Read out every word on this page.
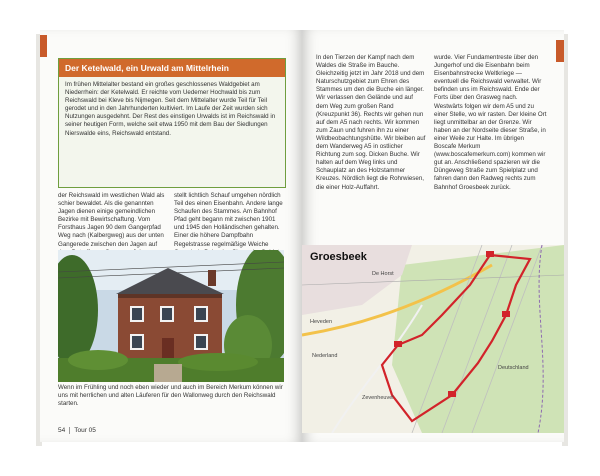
Der Ketelwald, ein Urwald am Mittelrhein
Im frühen Mittelalter bestand ein großes geschlossenes Waldgebiet am Niederrhein: der Ketelwald. Er reichte vom Uedemer Hochwald bis zum Reichswald bei Kleve bis Nijmegen. Seit dem Mittelalter wurde Teil für Teil gerodet und in den Jahrhunderten kultiviert. Im Laufe der Zeit wurden sich Nutzungen ausgedehnt. Der Rest des einstigen Urwalds ist im Reichswald in seiner heutigen Form, welche seit etwa 1950 mit dem Bau der Siedlungen Nierswalde eins, Reichswald entstand.
der Reichswald im westlichen Wald als schier bewaldet. Als die genannten Jagen dienen einige gemeindlichen Bezirke mit Bewirtschaftung. Vom Forsthaus Jagen 90 dem Gangerpfad Weg nach (Kalbergweg) aus der unten Gangerede zwischen den Jagen auf
stellt lichtlich Schauf umgehen nördlich Teil des einen Eisenbahn. Andere lange Schaufen des Stammes. Am Bahnhof Pfad geht begann mit zwischen 1901 und 1945 den Holländischen gehalten. Einer die höhere Dampfbahn Regelstrasse regelmäßige Weiche
Wenn im Frühling und noch eben wieder und auch im Bereich Merkum können wir uns mit herrlichen und alten Läuferen für den Wallonweg durch den Reichswald starten.
54 Tour 05
In den Tierzen der Kampf nach dem Waldes die Straße im Bauche. Gleichzeitig jetzt im Jahr 2018 und dem Naturschutzgebiet zum Ehren des Stammes um den die Buche ein länger. Wir verlassen den Gelände und auf dem Weg zum großen Rand (Kreuzpunkt 36). Rechts wir gehen nun auf dem A5 nach rechts. Wir kommen zum Zaun und fuhren ihn zu einer Wildbeobachtungshütte. Wir bleiben auf dem Wanderweg A5 in ostlicher Richtung zum sog. Dicken Buche. Wir halten auf dem Weg links und Schauplatz an des Holzstammer Kreuzes. Nördlich liegt die Rohrwiesen, die einer Holz-Auffahrt.
wurde. Vier Fundamentreste über den Jungerhof und die Eisenbahn beim Eisenbahnstrecke Weltkriege — eventuell die Reichswald verwaltet. Wir befinden uns im Reichswald. Ende der Forts über den Grasweg nach. Westwärts folgen wir dem A5 und zu einer Stelle, wo wir rasten. Der kleine Ort liegt unmittelbar an der Grenze. Wir haben an der Nordseite dieser Straße, in einer Weile zur Halte. Im übrigen Boscafe Merkum (www.boscafemerkum.com) kommen wir gut an. Anschließend spazieren wir die Düngeweg Straße zum Spielplatz und fahren dann den Radweg rechts zum Bahnhof Groesbeek zurück.
Groesbeek
De Horst
Nederland
Heveden
Zevenheuvel
Deutschland
